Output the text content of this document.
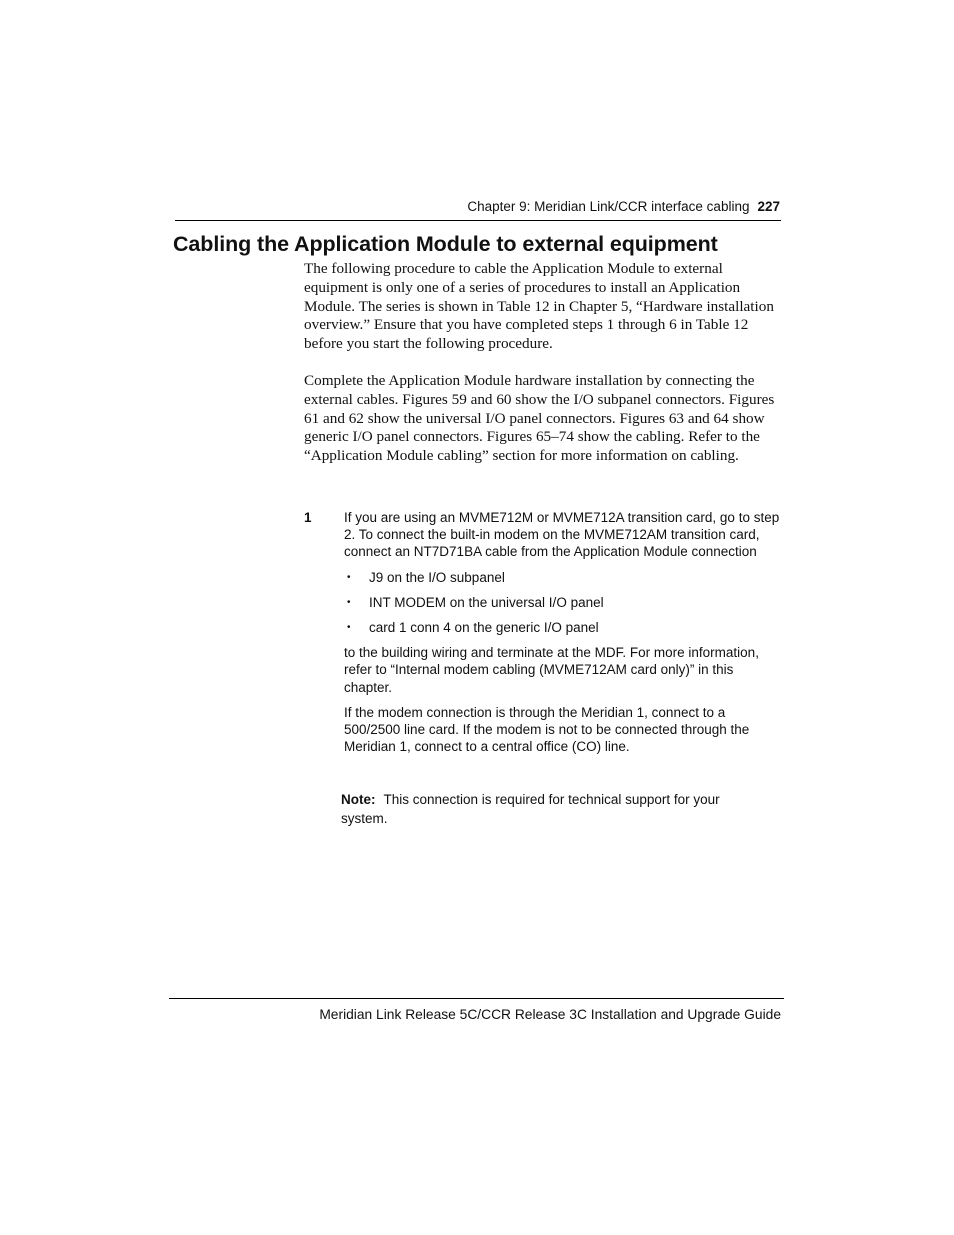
Chapter 9: Meridian Link/CCR interface cabling 227
Cabling the Application Module to external equipment

The following procedure to cable the Application Module to external equipment is only one of a series of procedures to install an Application Module. The series is shown in Table 12 in Chapter 5, “Hardware installation overview.” Ensure that you have completed steps 1 through 6 in Table 12 before you start the following procedure.

Complete the Application Module hardware installation by connecting the external cables. Figures 59 and 60 show the I/O subpanel connectors. Figures 61 and 62 show the universal I/O panel connectors. Figures 63 and 64 show generic I/O panel connectors. Figures 65–74 show the cabling. Refer to the “Application Module cabling” section for more information on cabling.

1 If you are using an MVME712M or MVME712A transition card, go to step 2. To connect the built-in modem on the MVME712AM transition card, connect an NT7D71BA cable from the Application Module connection

• J9 on the I/O subpanel
• INT MODEM on the universal I/O panel
• card 1 conn 4 on the generic I/O panel

to the building wiring and terminate at the MDF. For more information, refer to “Internal modem cabling (MVME712AM card only)” in this chapter.

If the modem connection is through the Meridian 1, connect to a 500/2500 line card. If the modem is not to be connected through the Meridian 1, connect to a central office (CO) line.

Note: This connection is required for technical support for your system.
Meridian Link Release 5C/CCR Release 3C Installation and Upgrade Guide
